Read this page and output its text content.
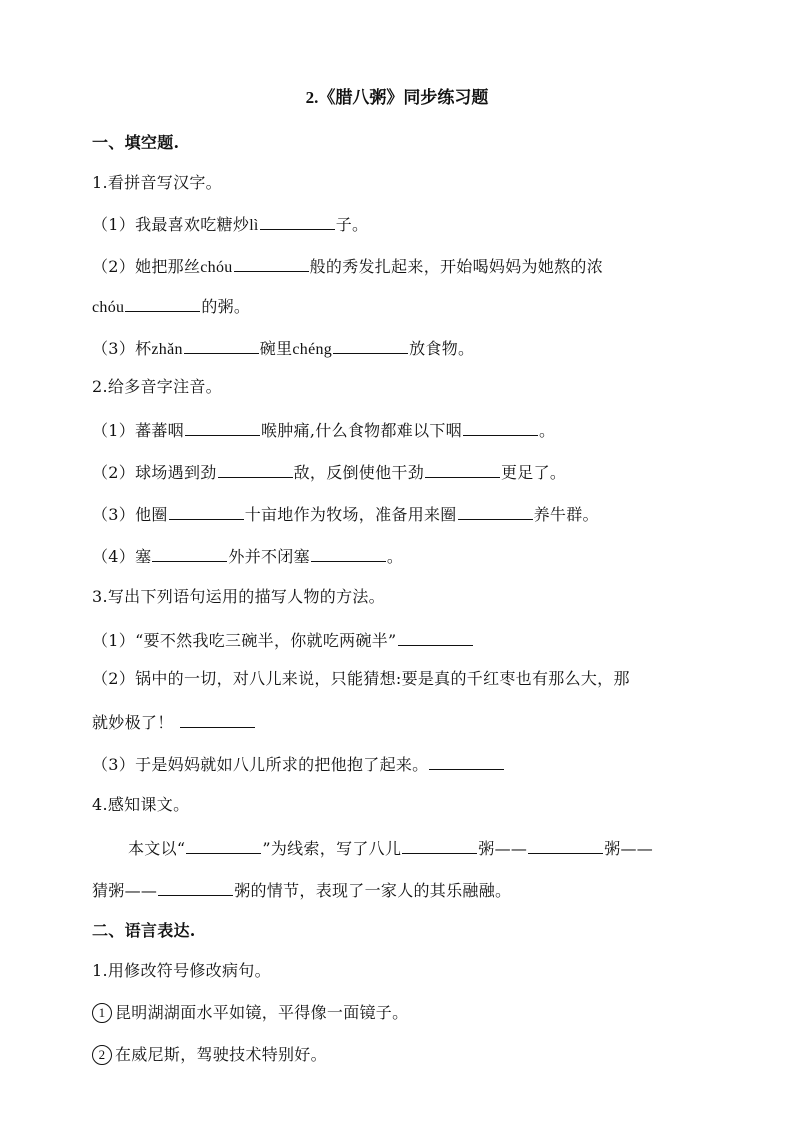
2.《腊八粥》同步练习题
一、填空题.
1.看拼音写汉字。
（1）我最喜欢吃糖炒lì	子。
（2）她把那丝chóu	般的秀发扎起来，开始喝妈妈为她熬的浓
chóu	的粥。
（3）杯zhǎn	碗里chéng	放食物。
2.给多音字注音。
（1）蕃蕃咽	喉肿痛,什么食物都难以下咽	。
（2）球场遇到劲	敌，反倒使他干劲	更足了。
（3）他圈	十亩地作为牧场，准备用来圈	养牛群。
（4）塞	外并不闭塞	。
3.写出下列语句运用的描写人物的方法。
（1）“要不然我吃三碗半，你就吃两碗半”
（2）锅中的一切，对八儿来说，只能猜想:要是真的千红枣也有那么大，那
就妙极了！
（3）于是妈妈就如八儿所求的把他抱了起来。
4.感知课文。
本文以“	”为线索，写了八儿	粥——	粥——
猜粥——	粥的情节，表现了一家人的其乐融融。
二、语言表达.
1.用修改符号修改病句。
1 昆明湖湖面水平如镜，平得像一面镜子。
2 在威尼斯，驾驶技术特别好。
